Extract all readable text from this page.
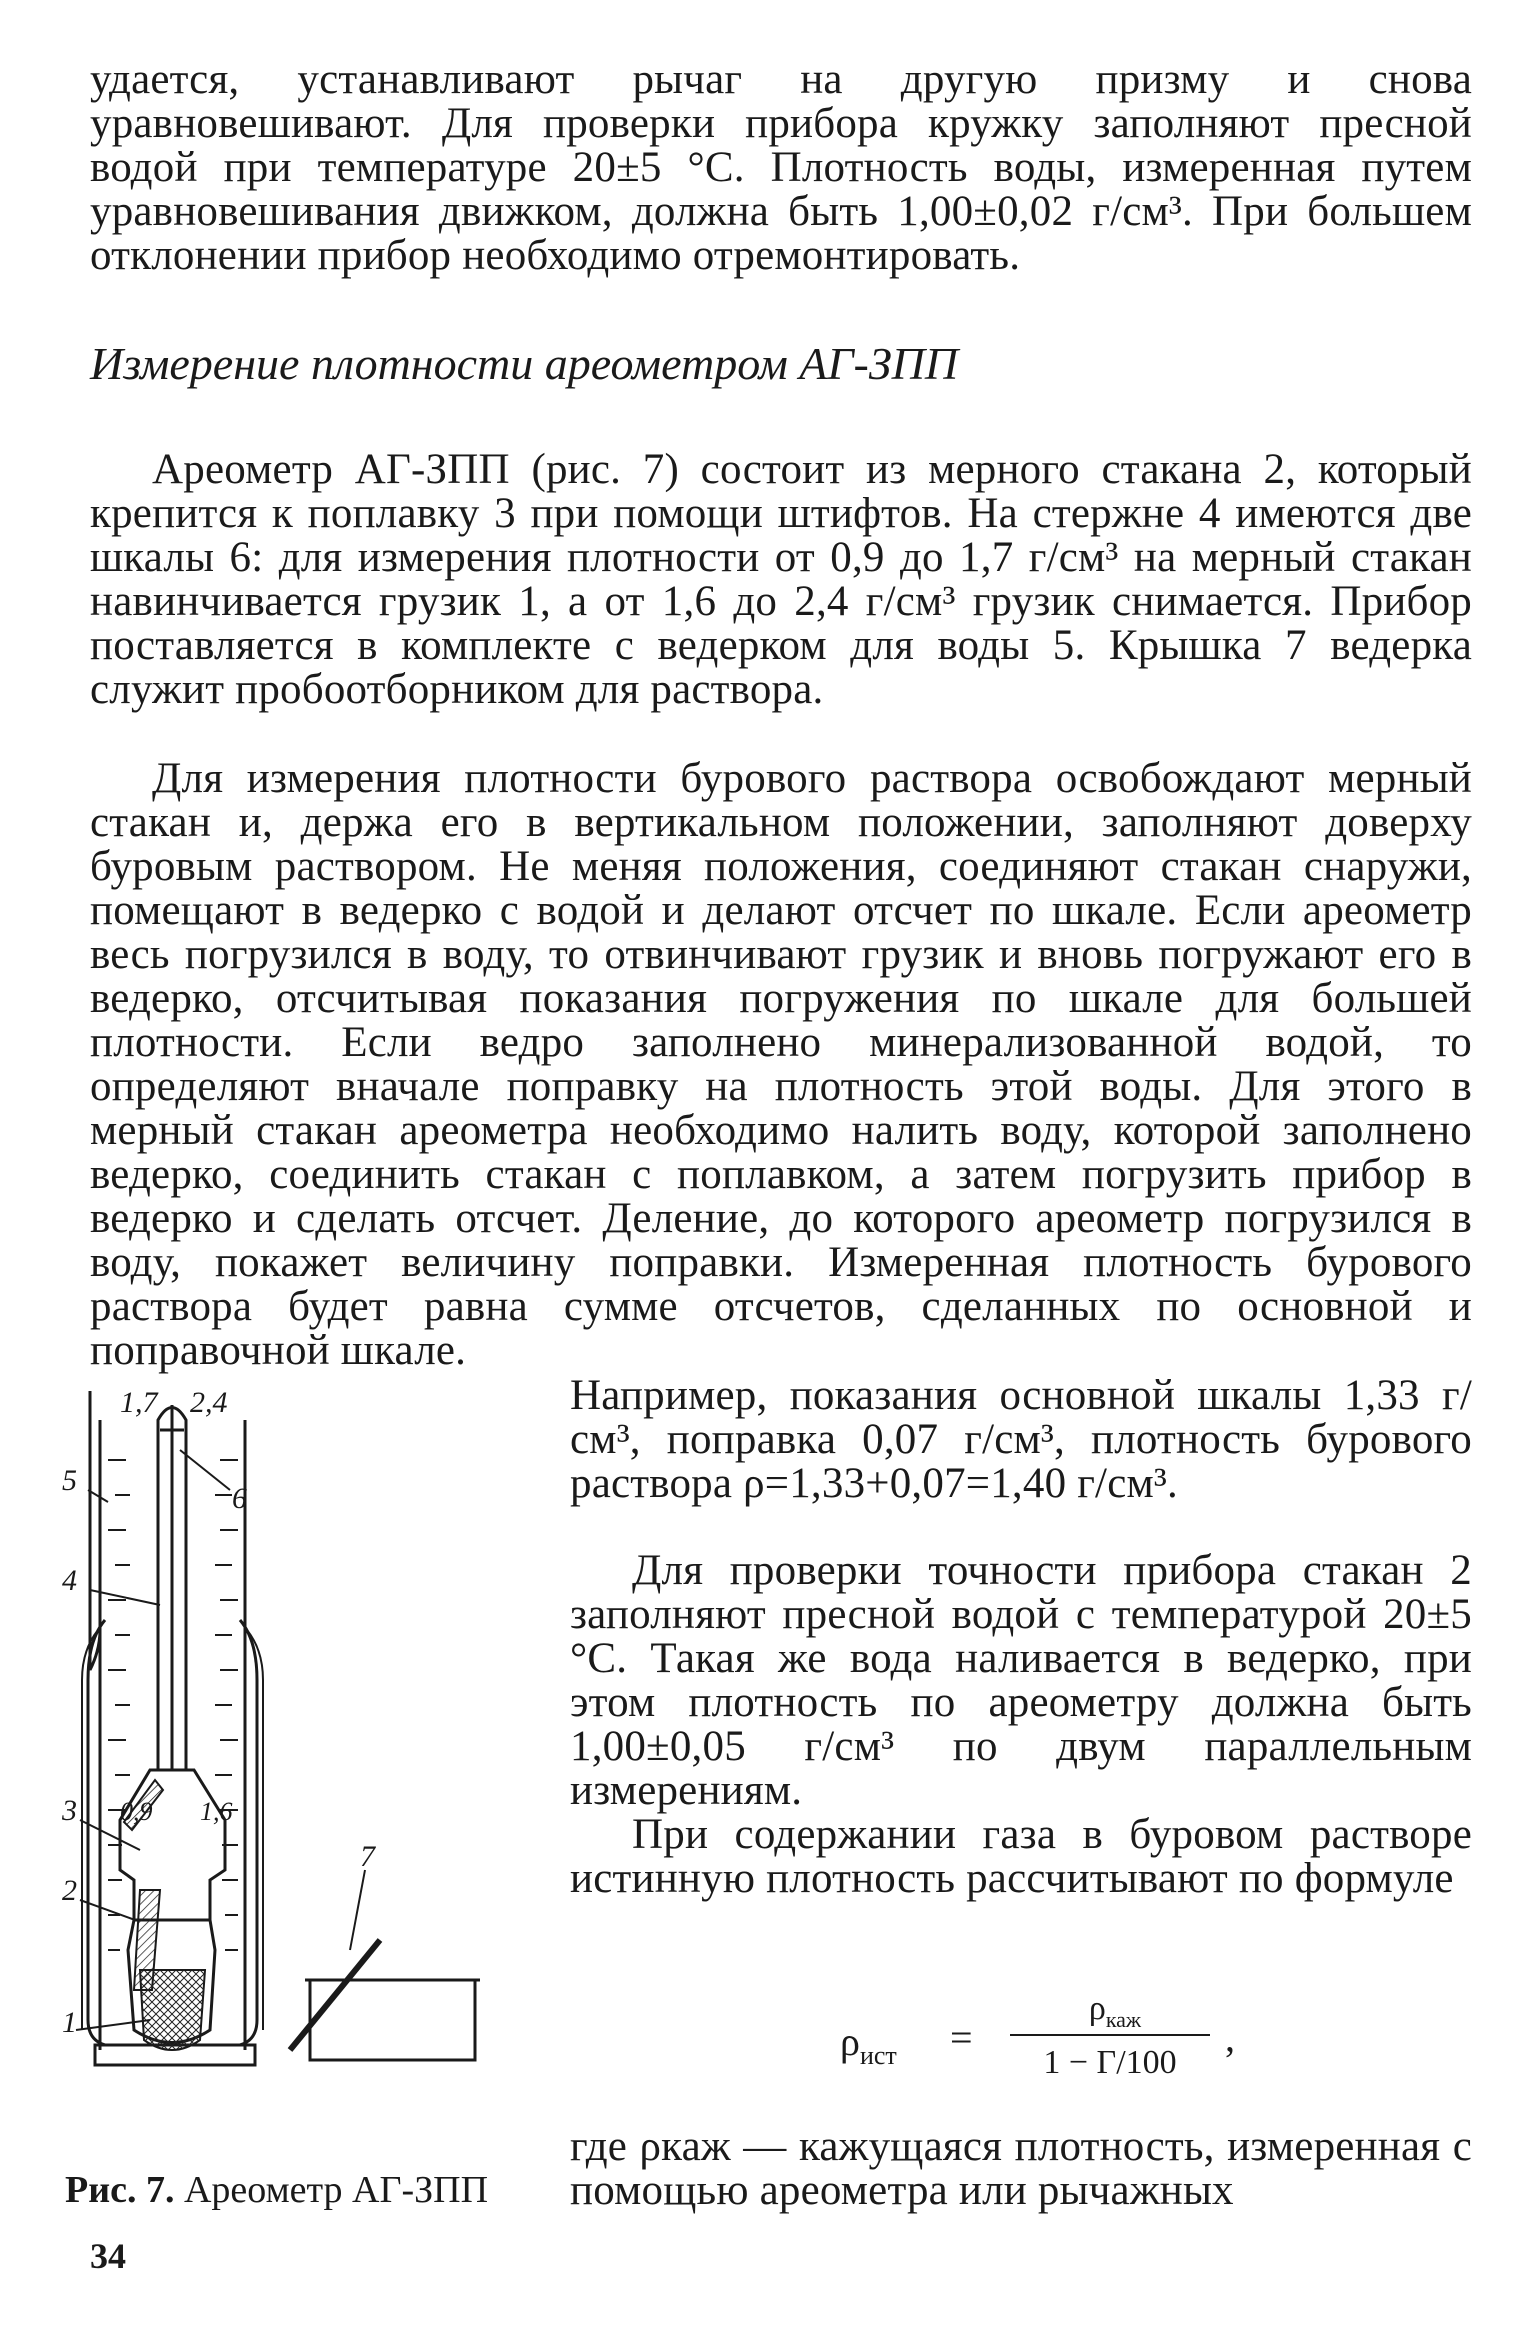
удается, устанавливают рычаг на другую призму и снова уравновешивают. Для проверки прибора кружку заполняют пресной водой при температуре 20±5 °С. Плотность воды, измеренная путем уравновешивания движком, должна быть 1,00±0,02 г/см³. При большем отклонении прибор необходимо отремонтировать.

Измерение плотности ареометром АГ-ЗПП

Ареометр АГ-ЗПП (рис. 7) состоит из мерного стакана 2, который крепится к поплавку 3 при помощи штифтов. На стержне 4 имеются две шкалы 6: для измерения плотности от 0,9 до 1,7 г/см³ на мерный стакан навинчивается грузик 1, а от 1,6 до 2,4 г/см³ грузик снимается. Прибор поставляется в комплекте с ведерком для воды 5. Крышка 7 ведерка служит пробоотборником для раствора.

Для измерения плотности бурового раствора освобождают мерный стакан и, держа его в вертикальном положении, заполняют доверху буровым раствором. Не меняя положения, соединяют стакан снаружи, помещают в ведерко с водой и делают отсчет по шкале. Если ареометр весь погрузился в воду, то отвинчивают грузик и вновь погружают его в ведерко, отсчитывая показания погружения по шкале для большей плотности. Если ведро заполнено минерализованной водой, то определяют вначале поправку на плотность этой воды. Для этого в мерный стакан ареометра необходимо налить воду, которой заполнено ведерко, соединить стакан с поплавком, а затем погрузить прибор в ведерко и сделать отсчет. Деление, до которого ареометр погрузился в воду, покажет величину поправки. Измеренная плотность бурового раствора будет равна сумме отсчетов, сделанных по основной и поправочной шкале.

Например, показания основной шкалы 1,33 г/см³, поправка 0,07 г/см³, плотность бурового раствора ρ=1,33+0,07=1,40 г/см³.

Для проверки точности прибора стакан 2 заполняют пресной водой с температурой 20±5 °С. Такая же вода наливается в ведерко, при этом плотность по ареометру должна быть 1,00±0,05 г/см³ по двум параллельным измерениям.

При содержании газа в буровом растворе истинную плотность рассчитывают по формуле

$\rho_{ист}$ =
$\rho_{каж}$
1 − Г/100
,

где ρкаж — кажущаяся плотность, измеренная с помощью ареометра или рычажных

1,7 2,4
0,9 1,6
5
4
6
3
2
1
7
Рис. 7. Ареометр АГ-ЗПП
34
